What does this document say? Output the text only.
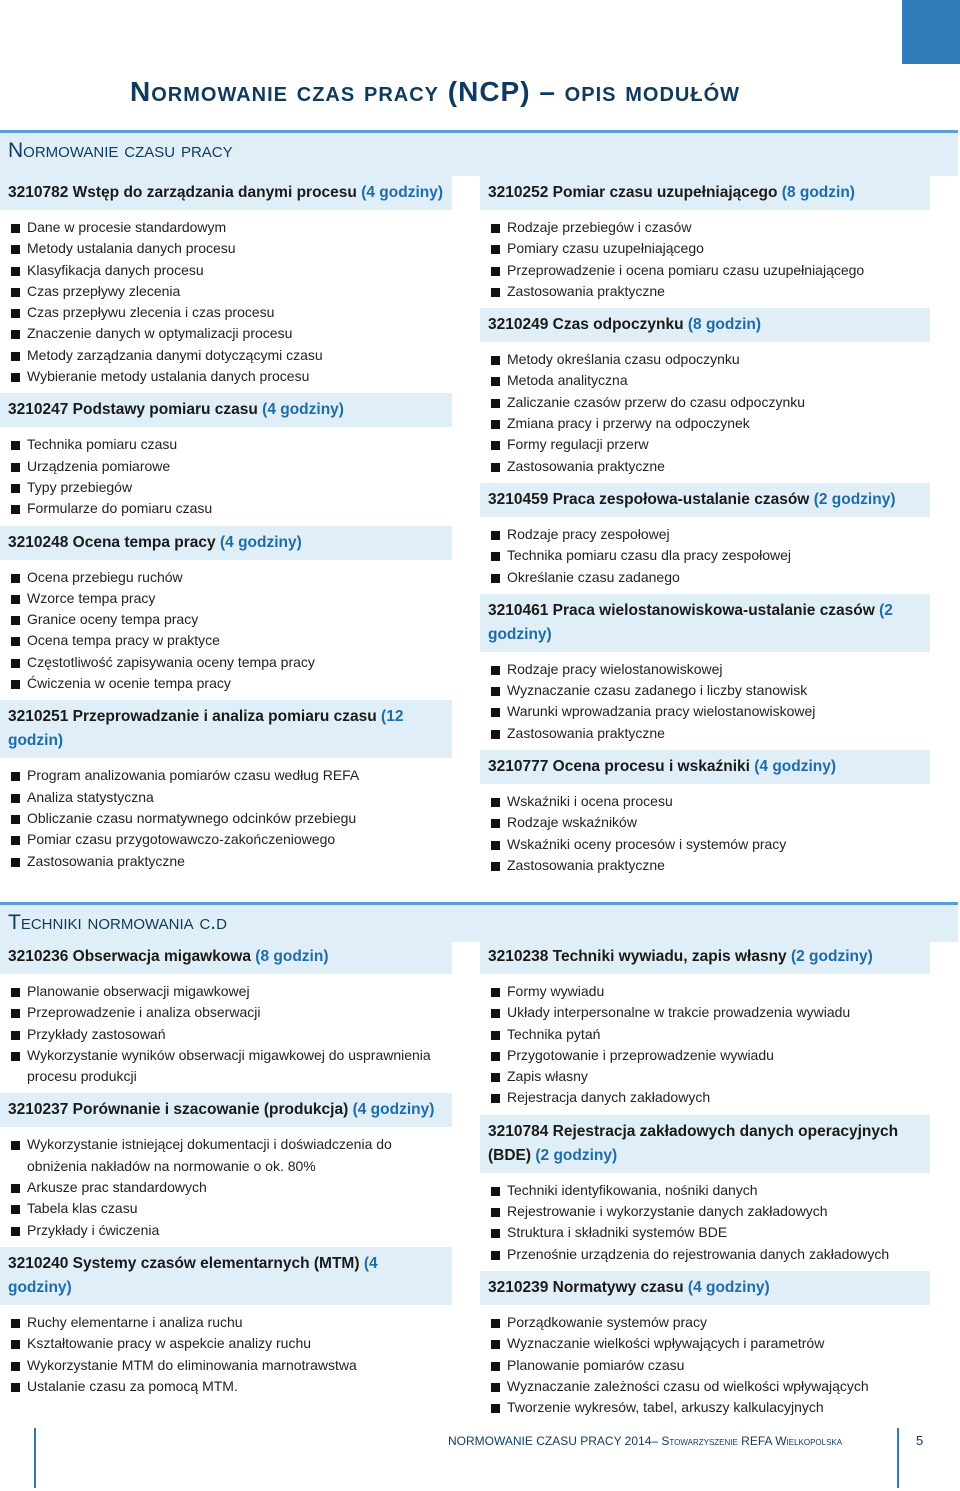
Normowanie czas pracy (NCP) – opis modułów
Normowanie czasu pracy
3210782 Wstęp do zarządzania danymi procesu (4 godziny)
Dane w procesie standardowym
Metody ustalania danych procesu
Klasyfikacja danych procesu
Czas przepływy zlecenia
Czas przepływu zlecenia i czas procesu
Znaczenie danych w optymalizacji procesu
Metody zarządzania danymi dotyczącymi czasu
Wybieranie metody ustalania danych procesu
3210247 Podstawy pomiaru czasu (4 godziny)
Technika pomiaru czasu
Urządzenia pomiarowe
Typy przebiegów
Formularze do pomiaru czasu
3210248 Ocena tempa pracy (4 godziny)
Ocena przebiegu ruchów
Wzorce tempa pracy
Granice oceny tempa pracy
Ocena tempa pracy w praktyce
Częstotliwość zapisywania oceny tempa pracy
Ćwiczenia w ocenie tempa pracy
3210251 Przeprowadzanie i analiza pomiaru czasu (12 godzin)
Program analizowania pomiarów czasu według REFA
Analiza statystyczna
Obliczanie czasu normatywnego odcinków przebiegu
Pomiar czasu przygotowawczo-zakończeniowego
Zastosowania praktyczne
3210252 Pomiar czasu uzupełniającego (8 godzin)
Rodzaje przebiegów i czasów
Pomiary czasu uzupełniającego
Przeprowadzenie i ocena pomiaru czasu uzupełniającego
Zastosowania praktyczne
3210249 Czas odpoczynku (8 godzin)
Metody określania czasu odpoczynku
Metoda analityczna
Zaliczanie czasów przerw do czasu odpoczynku
Zmiana pracy i przerwy na odpoczynek
Formy regulacji przerw
Zastosowania praktyczne
3210459 Praca zespołowa-ustalanie czasów (2 godziny)
Rodzaje pracy zespołowej
Technika pomiaru czasu dla pracy zespołowej
Określanie czasu zadanego
3210461 Praca wielostanowiskowa-ustalanie czasów (2 godziny)
Rodzaje pracy wielostanowiskowej
Wyznaczanie czasu zadanego i liczby stanowisk
Warunki wprowadzania pracy wielostanowiskowej
Zastosowania praktyczne
3210777 Ocena procesu i wskaźniki (4 godziny)
Wskaźniki i ocena procesu
Rodzaje wskaźników
Wskaźniki oceny procesów i systemów pracy
Zastosowania praktyczne
Techniki normowania c.d
3210236 Obserwacja migawkowa (8 godzin)
Planowanie obserwacji migawkowej
Przeprowadzenie i analiza obserwacji
Przykłady zastosowań
Wykorzystanie wyników obserwacji migawkowej do usprawnienia procesu produkcji
3210237 Porównanie i szacowanie (produkcja) (4 godziny)
Wykorzystanie istniejącej dokumentacji i doświadczenia do obniżenia nakładów na normowanie o ok. 80%
Arkusze prac standardowych
Tabela klas czasu
Przykłady i ćwiczenia
3210240 Systemy czasów elementarnych (MTM) (4 godziny)
Ruchy elementarne i analiza ruchu
Kształtowanie pracy w aspekcie analizy ruchu
Wykorzystanie MTM do eliminowania marnotrawstwa
Ustalanie czasu za pomocą MTM.
3210238 Techniki wywiadu, zapis własny (2 godziny)
Formy wywiadu
Układy interpersonalne w trakcie prowadzenia wywiadu
Technika pytań
Przygotowanie i przeprowadzenie wywiadu
Zapis własny
Rejestracja danych zakładowych
3210784 Rejestracja zakładowych danych operacyjnych (BDE) (2 godziny)
Techniki identyfikowania, nośniki danych
Rejestrowanie i wykorzystanie danych zakładowych
Struktura i składniki systemów BDE
Przenośnie urządzenia do rejestrowania danych zakładowych
3210239 Normatywy czasu (4 godziny)
Porządkowanie systemów pracy
Wyznaczanie wielkości wpływających i parametrów
Planowanie pomiarów czasu
Wyznaczanie zależności czasu od wielkości wpływających
Tworzenie wykresów, tabel, arkuszy kalkulacyjnych
NORMOWANIE CZASU PRACY 2014– Stowarzyszenie REFA Wielkopolska	5
